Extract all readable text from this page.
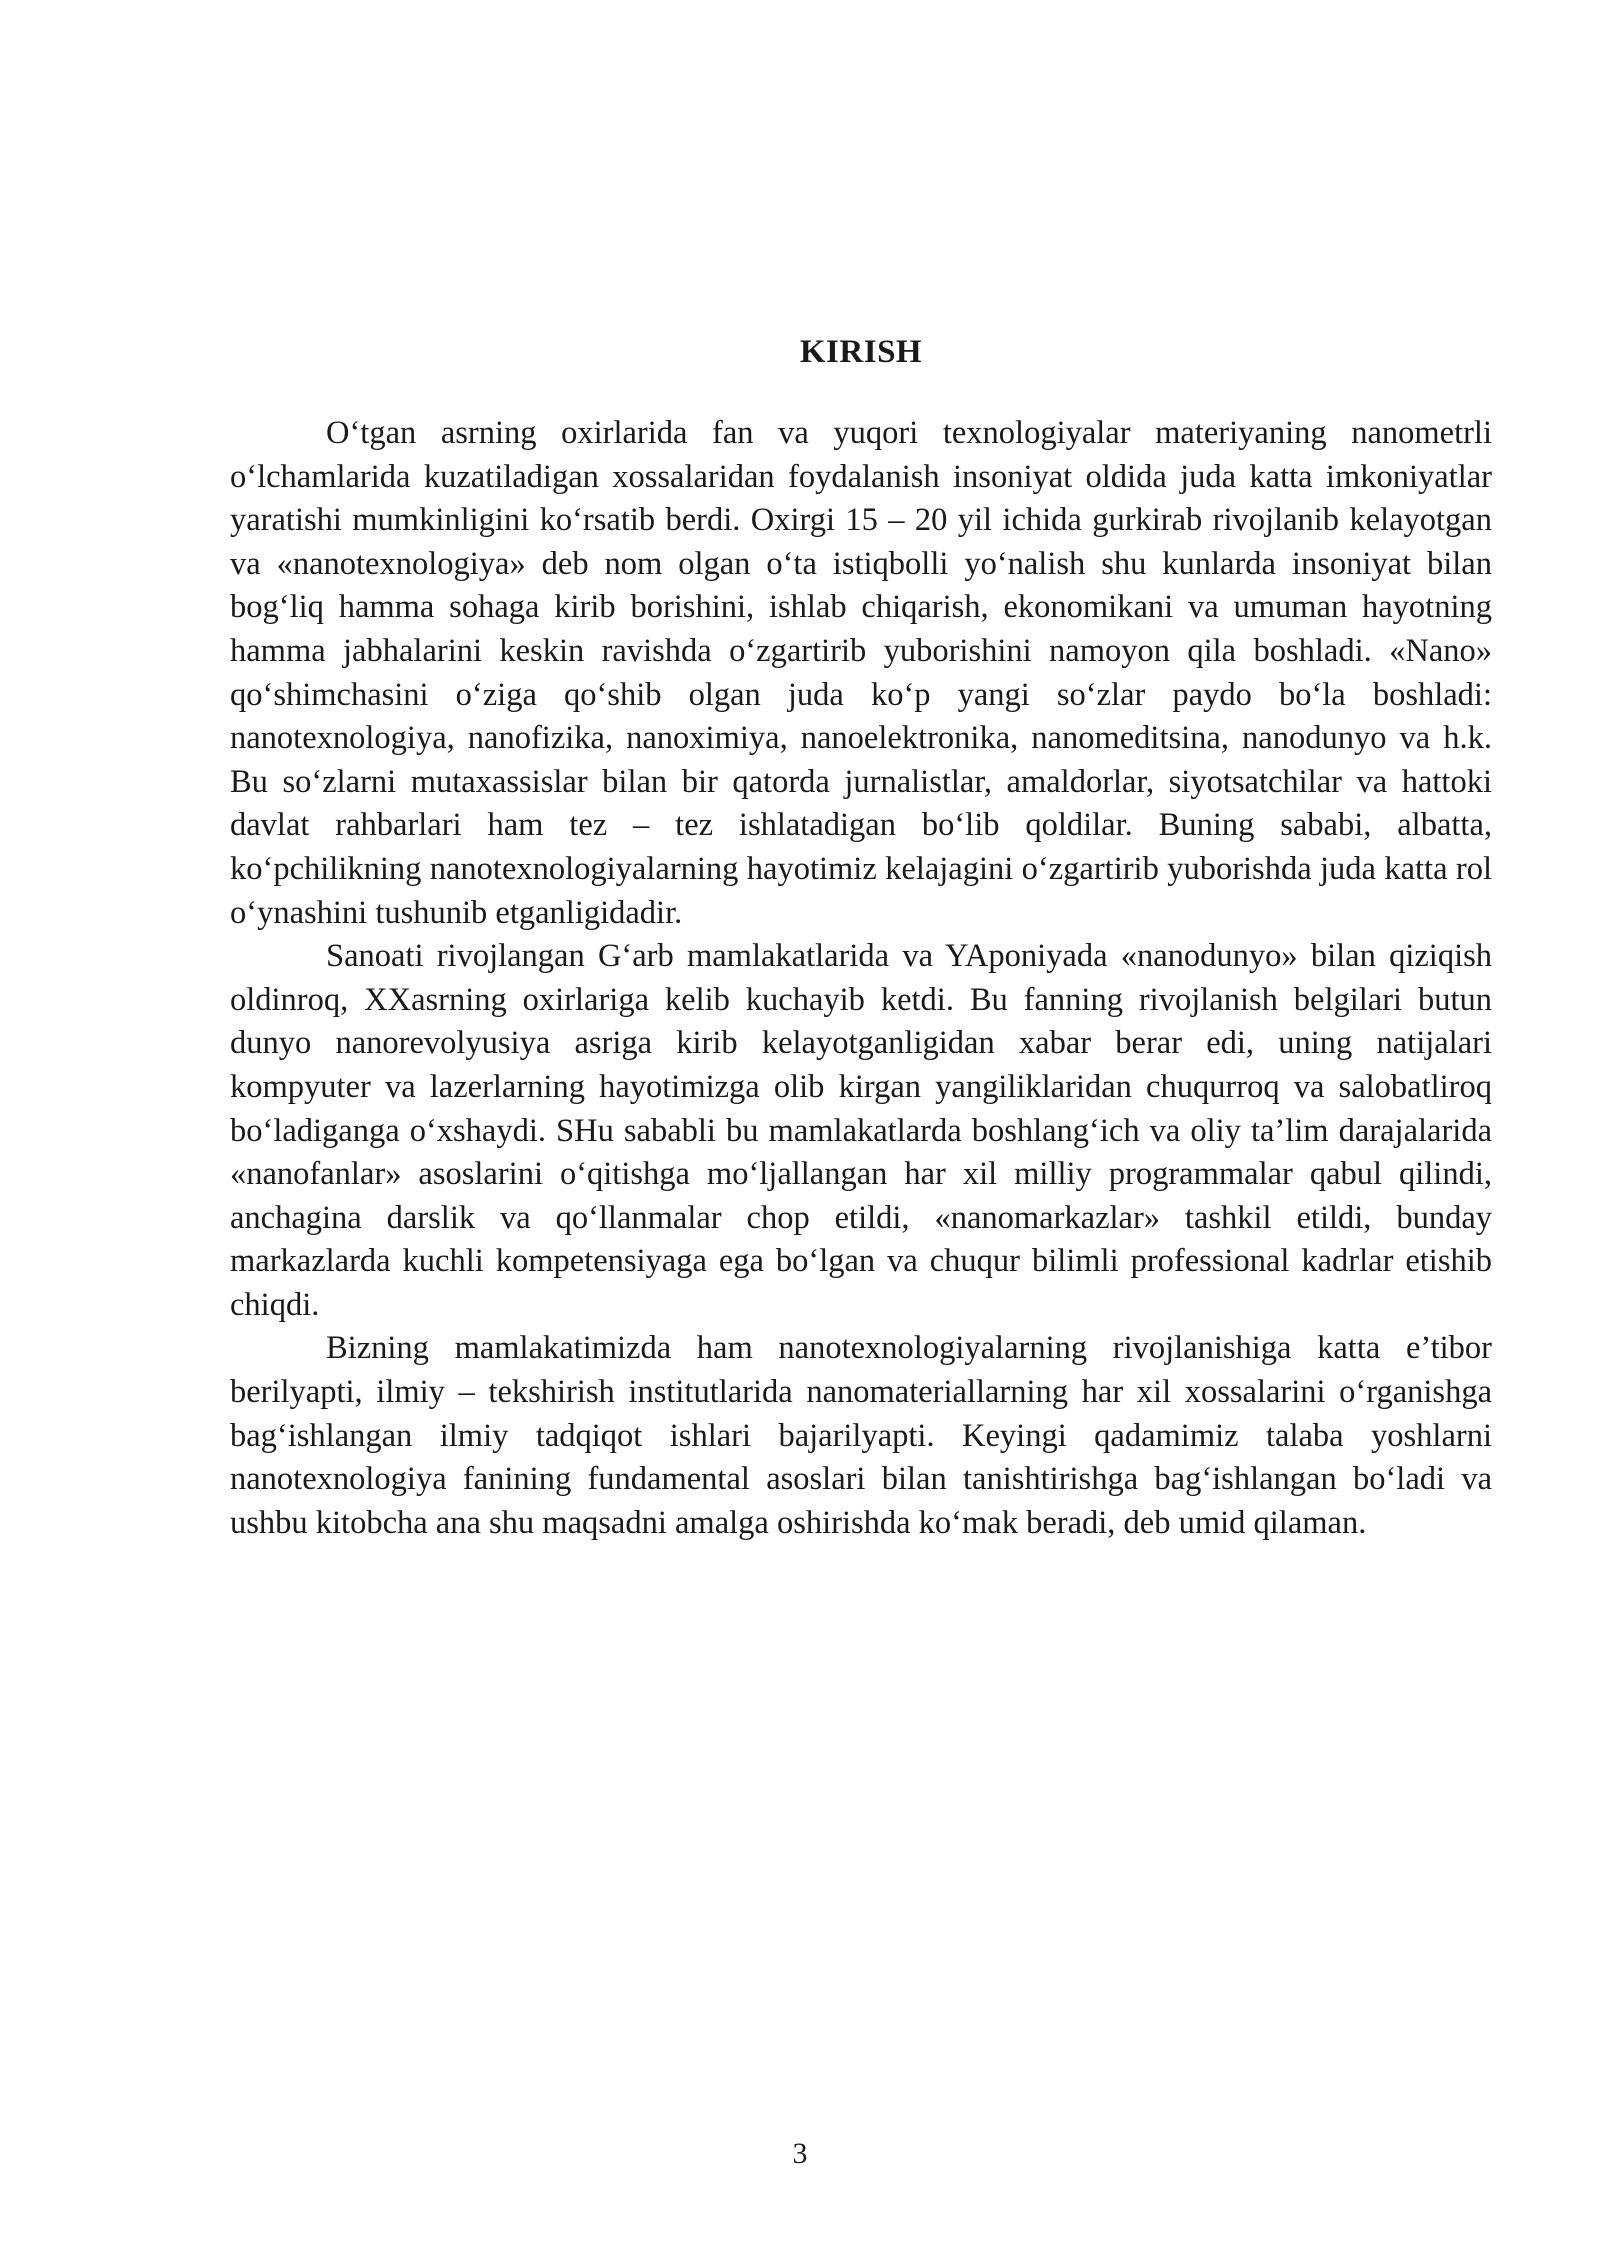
KIRISH

O‘tgan asrning oxirlarida fan va yuqori texnologiyalar materiyaning nanometrli o‘lchamlarida kuzatiladigan xossalaridan foydalanish insoniyat oldida juda katta imkoniyatlar yaratishi mumkinligini ko‘rsatib berdi. Oxirgi 15 – 20 yil ichida gurkirab rivojlanib kelayotgan va «nanotexnologiya» deb nom olgan o‘ta istiqbolli yo‘nalish shu kunlarda insoniyat bilan bog‘liq hamma sohaga kirib borishini, ishlab chiqarish, ekonomikani va umuman hayotning hamma jabhalarini keskin ravishda o‘zgartirib yuborishini namoyon qila boshladi. «Nano» qo‘shimchasini o‘ziga qo‘shib olgan juda ko‘p yangi so‘zlar paydo bo‘la boshladi: nanotexnologiya, nanofizika, nanoximiya, nanoelektronika, nanomeditsina, nanodunyo va h.k. Bu so‘zlarni mutaxassislar bilan bir qatorda jurnalistlar, amaldorlar, siyotsatchilar va hattoki davlat rahbarlari ham tez – tez ishlatadigan bo‘lib qoldilar. Buning sababi, albatta, ko‘pchilikning nanotexnologiyalarning hayotimiz kelajagini o‘zgartirib yuborishda juda katta rol o‘ynashini tushunib etganligidadir.

Sanoati rivojlangan G‘arb mamlakatlarida va YAponiyada «nanodunyo» bilan qiziqish oldinroq, XXasrning oxirlariga kelib kuchayib ketdi. Bu fanning rivojlanish belgilari butun dunyo nanorevolyusiya asriga kirib kelayotganligidan xabar berar edi, uning natijalari kompyuter va lazerlarning hayotimizga olib kirgan yangiliklaridan chuqurroq va salobatliroq bo‘ladiganga o‘xshaydi. SHu sababli bu mamlakatlarda boshlang‘ich va oliy ta’lim darajalarida «nanofanlar» asoslarini o‘qitishga mo‘ljallangan har xil milliy programmalar qabul qilindi, anchagina darslik va qo‘llanmalar chop etildi, «nanomarkazlar» tashkil etildi, bunday markazlarda kuchli kompetensiyaga ega bo‘lgan va chuqur bilimli professional kadrlar etishib chiqdi.

Bizning mamlakatimizda ham nanotexnologiyalarning rivojlanishiga katta e’tibor berilyapti, ilmiy – tekshirish institutlarida nanomateriallarning har xil xossalarini o‘rganishga bag‘ishlangan ilmiy tadqiqot ishlari bajarilyapti. Keyingi qadamimiz talaba yoshlarni nanotexnologiya fanining fundamental asoslari bilan tanishtirishga bag‘ishlangan bo‘ladi va ushbu kitobcha ana shu maqsadni amalga oshirishda ko‘mak beradi, deb umid qilaman.

3
